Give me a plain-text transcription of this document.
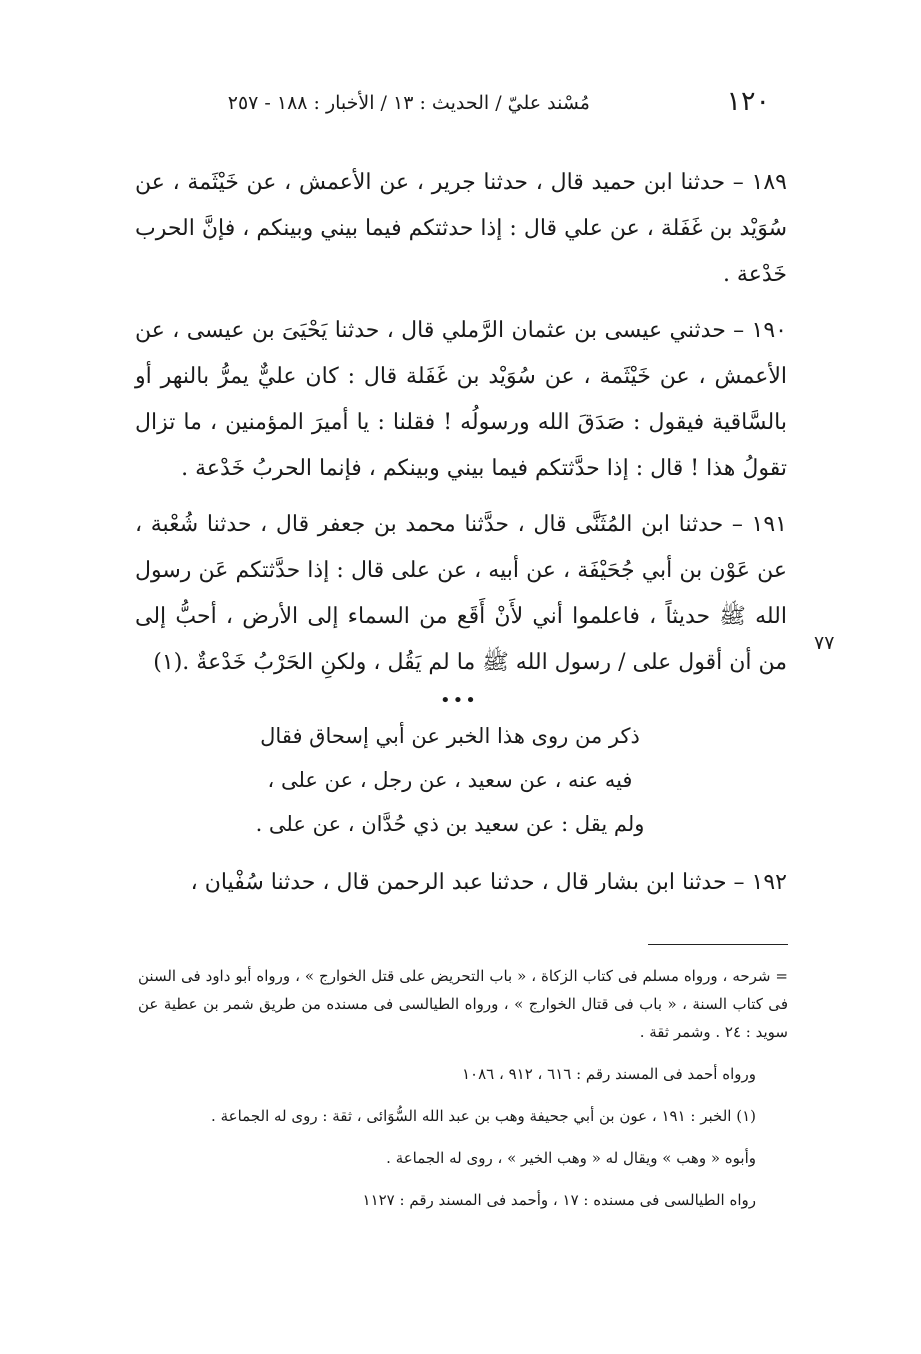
١٢٠
مُسْند عليّ / الحديث : ١٣ / الأخبار : ١٨٨ - ٢٥٧

١٨٩ – حدثنا ابن حميد قال ، حدثنا جرير ، عن الأعمش ، عن خَيْثَمة ، عن سُوَيْد بن غَفَلة ، عن علي قال : إذا حدثتكم فيما بيني وبينكم ، فإنَّ الحرب خَدْعة .

١٩٠ – حدثني عيسى بن عثمان الرَّملي قال ، حدثنا يَحْيَىَ بن عيسى ، عن الأعمش ، عن خَيْثَمة ، عن سُوَيْد بن غَفَلة قال : كان عليٌّ يمرُّ بالنهر أو بالسَّاقية فيقول : صَدَقَ الله ورسولُه ! فقلنا : يا أميرَ المؤمنين ، ما تزال تقولُ هذا ! قال : إذا حدَّثتكم فيما بيني وبينكم ، فإنما الحربُ خَدْعة .

١٩١ – حدثنا ابن المُثَنَّى قال ، حدَّثنا محمد بن جعفر قال ، حدثنا شُعْبة ، عن عَوْن بن أبي جُحَيْفَة ، عن أبيه ، عن على قال : إذا حدَّثتكم عَن رسول الله ﷺ حديثاً ، فاعلموا أني لأَنْ أَقَع من السماء إلى الأرض ، أحبُّ إلى من أن أقول على / رسول الله ﷺ ما لم يَقُل ، ولكنِ الحَرْبُ خَدْعةٌ .(١)

٧٧
•••
ذكر من روى هذا الخبر عن أبي إسحاق فقال
فيه عنه ، عن سعيد ، عن رجل ، عن على ،
ولم يقل : عن سعيد بن ذي حُدَّان ، عن على .

١٩٢ – حدثنا ابن بشار قال ، حدثنا عبد الرحمن قال ، حدثنا سُفْيان ،

= شرحه ، ورواه مسلم فى كتاب الزكاة ، « باب التحريض على قتل الخوارج » ، ورواه أبو داود فى السنن فى كتاب السنة ، « باب فى قتال الخوارج » ، ورواه الطيالسى فى مسنده من طريق شمر بن عطية عن سويد : ٢٤ . وشمر ثقة .

ورواه أحمد فى المسند رقم : ٦١٦ ، ٩١٢ ، ١٠٨٦

(١) الخبر : ١٩١ ، عون بن أبي جحيفة وهب بن عبد الله السُّوَائى ، ثقة : روى له الجماعة .

وأبوه « وهب » ويقال له « وهب الخير » ، روى له الجماعة .

رواه الطيالسى فى مسنده : ١٧ ، وأحمد فى المسند رقم : ١١٢٧
